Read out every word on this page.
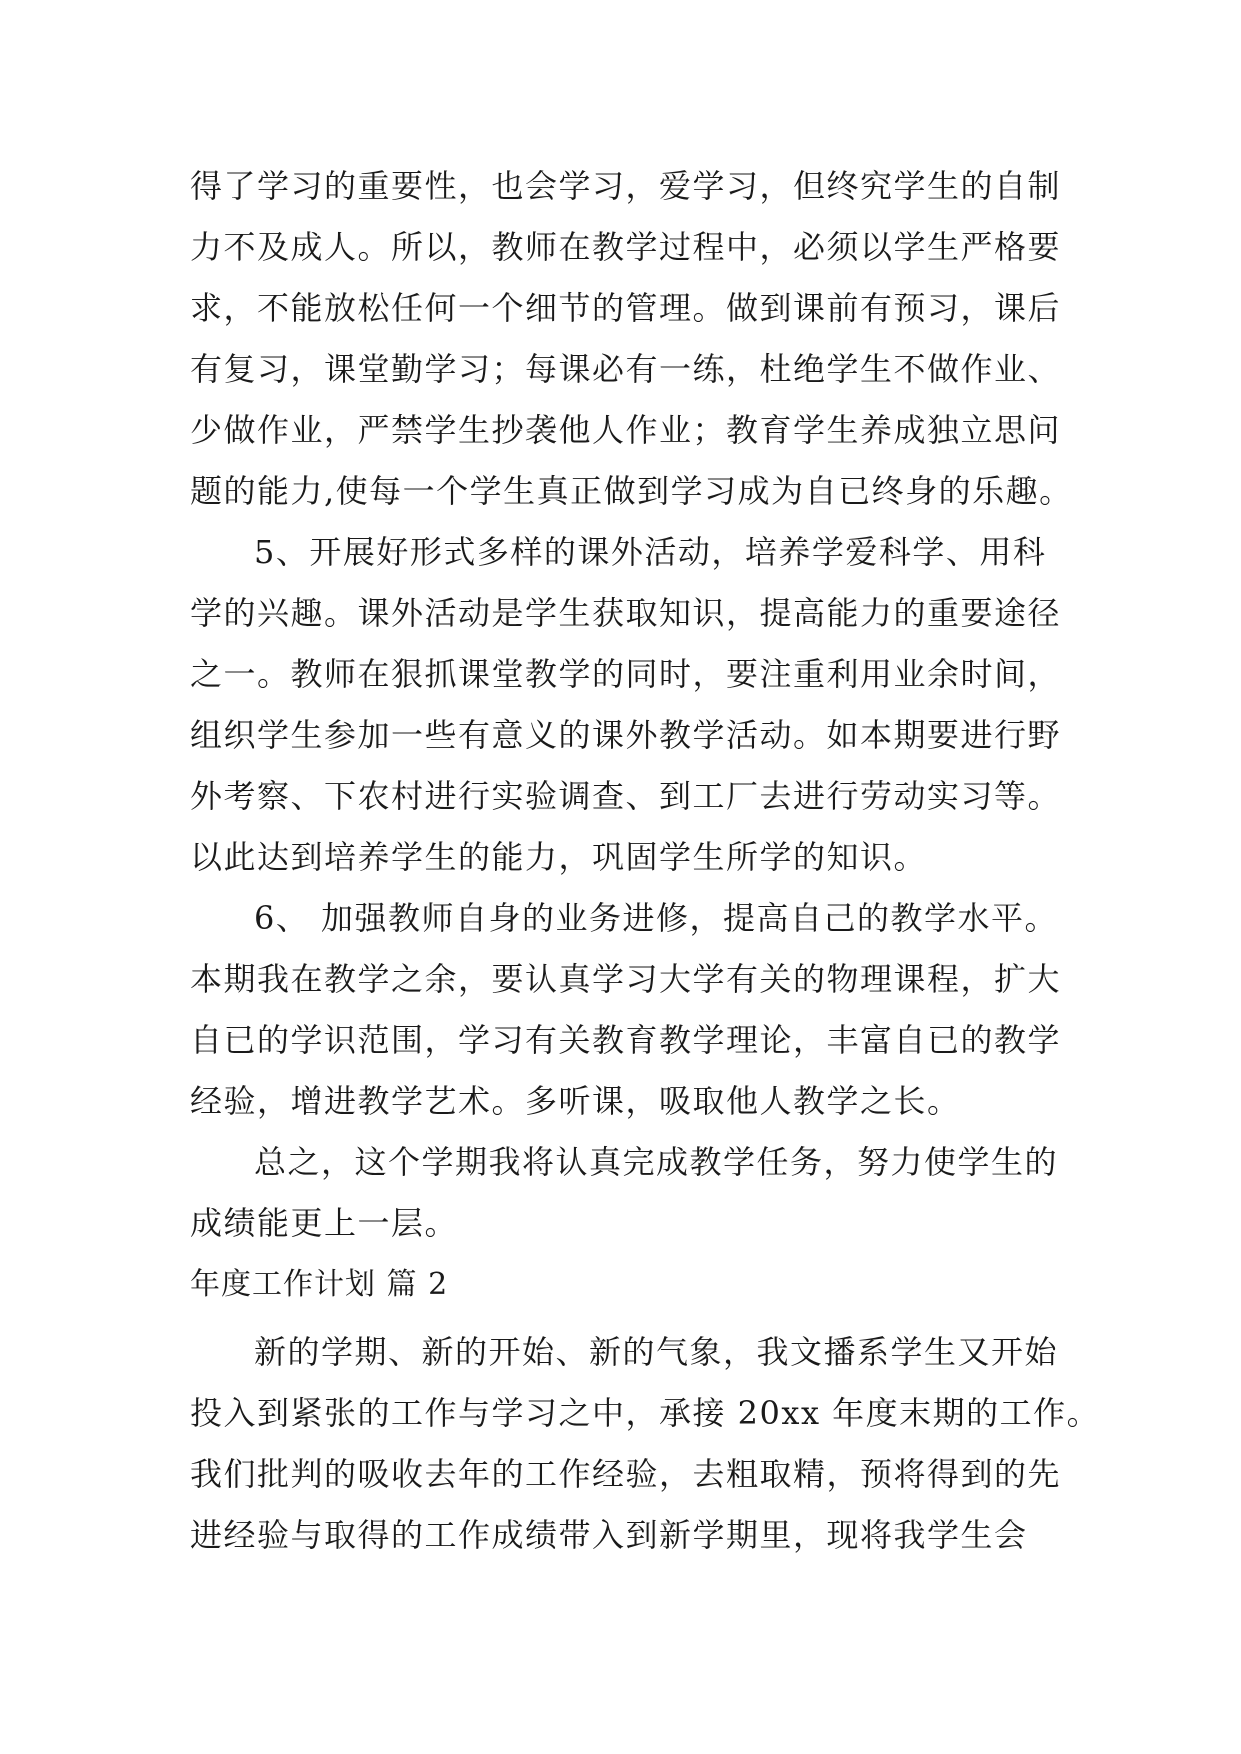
得了学习的重要性，也会学习，爱学习，但终究学生的自制
力不及成人。所以，教师在教学过程中，必须以学生严格要
求，不能放松任何一个细节的管理。做到课前有预习，课后
有复习，课堂勤学习；每课必有一练，杜绝学生不做作业、
少做作业，严禁学生抄袭他人作业；教育学生养成独立思问
题的能力,使每一个学生真正做到学习成为自已终身的乐趣。
5、开展好形式多样的课外活动，培养学爱科学、用科
学的兴趣。课外活动是学生获取知识，提高能力的重要途径
之一。教师在狠抓课堂教学的同时，要注重利用业余时间，
组织学生参加一些有意义的课外教学活动。如本期要进行野
外考察、下农村进行实验调查、到工厂去进行劳动实习等。
以此达到培养学生的能力，巩固学生所学的知识。
6、 加强教师自身的业务进修，提高自己的教学水平。
本期我在教学之余，要认真学习大学有关的物理课程，扩大
自已的学识范围，学习有关教育教学理论，丰富自已的教学
经验，增进教学艺术。多听课，吸取他人教学之长。
总之，这个学期我将认真完成教学任务，努力使学生的
成绩能更上一层。
年度工作计划 篇 2
新的学期、新的开始、新的气象，我文播系学生又开始
投入到紧张的工作与学习之中，承接 20xx 年度末期的工作。
我们批判的吸收去年的工作经验，去粗取精，预将得到的先
进经验与取得的工作成绩带入到新学期里，现将我学生会
